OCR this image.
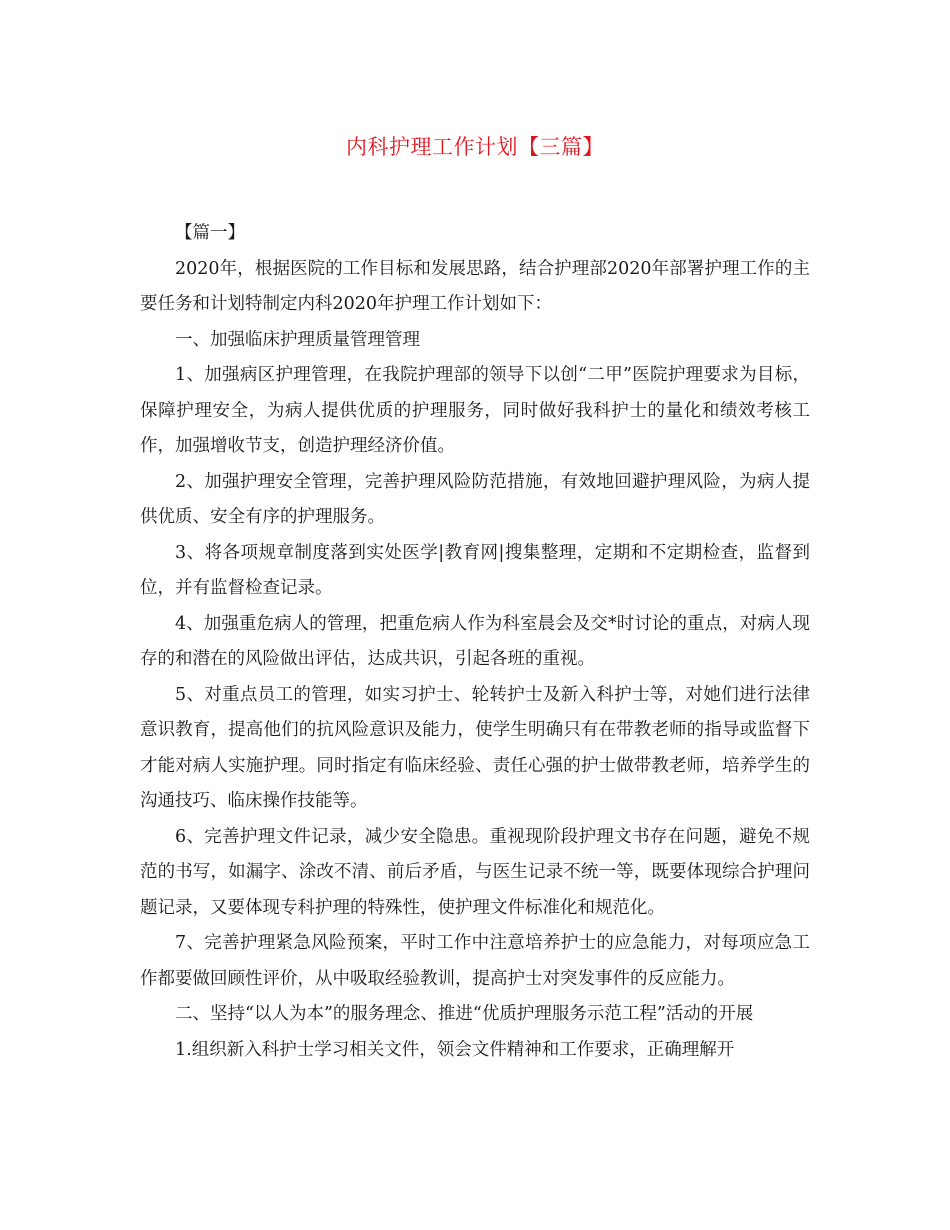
内科护理工作计划【三篇】

【篇一】

2020年，根据医院的工作目标和发展思路，结合护理部2020年部署护理工作的主要任务和计划特制定内科2020年护理工作计划如下：

一、加强临床护理质量管理管理

1、加强病区护理管理，在我院护理部的领导下以创“二甲”医院护理要求为目标，保障护理安全，为病人提供优质的护理服务，同时做好我科护士的量化和绩效考核工作，加强增收节支，创造护理经济价值。

2、加强护理安全管理，完善护理风险防范措施，有效地回避护理风险，为病人提供优质、安全有序的护理服务。

3、将各项规章制度落到实处医学|教育网|搜集整理，定期和不定期检查，监督到位，并有监督检查记录。

4、加强重危病人的管理，把重危病人作为科室晨会及交*时讨论的重点，对病人现存的和潜在的风险做出评估，达成共识，引起各班的重视。

5、对重点员工的管理，如实习护士、轮转护士及新入科护士等，对她们进行法律意识教育，提高他们的抗风险意识及能力，使学生明确只有在带教老师的指导或监督下才能对病人实施护理。同时指定有临床经验、责任心强的护士做带教老师，培养学生的沟通技巧、临床操作技能等。

6、完善护理文件记录，减少安全隐患。重视现阶段护理文书存在问题，避免不规范的书写，如漏字、涂改不清、前后矛盾，与医生记录不统一等，既要体现综合护理问题记录，又要体现专科护理的特殊性，使护理文件标准化和规范化。

7、完善护理紧急风险预案，平时工作中注意培养护士的应急能力，对每项应急工作都要做回顾性评价，从中吸取经验教训，提高护士对突发事件的反应能力。

二、坚持“以人为本”的服务理念、推进“优质护理服务示范工程”活动的开展

1.组织新入科护士学习相关文件，领会文件精神和工作要求，正确理解开
